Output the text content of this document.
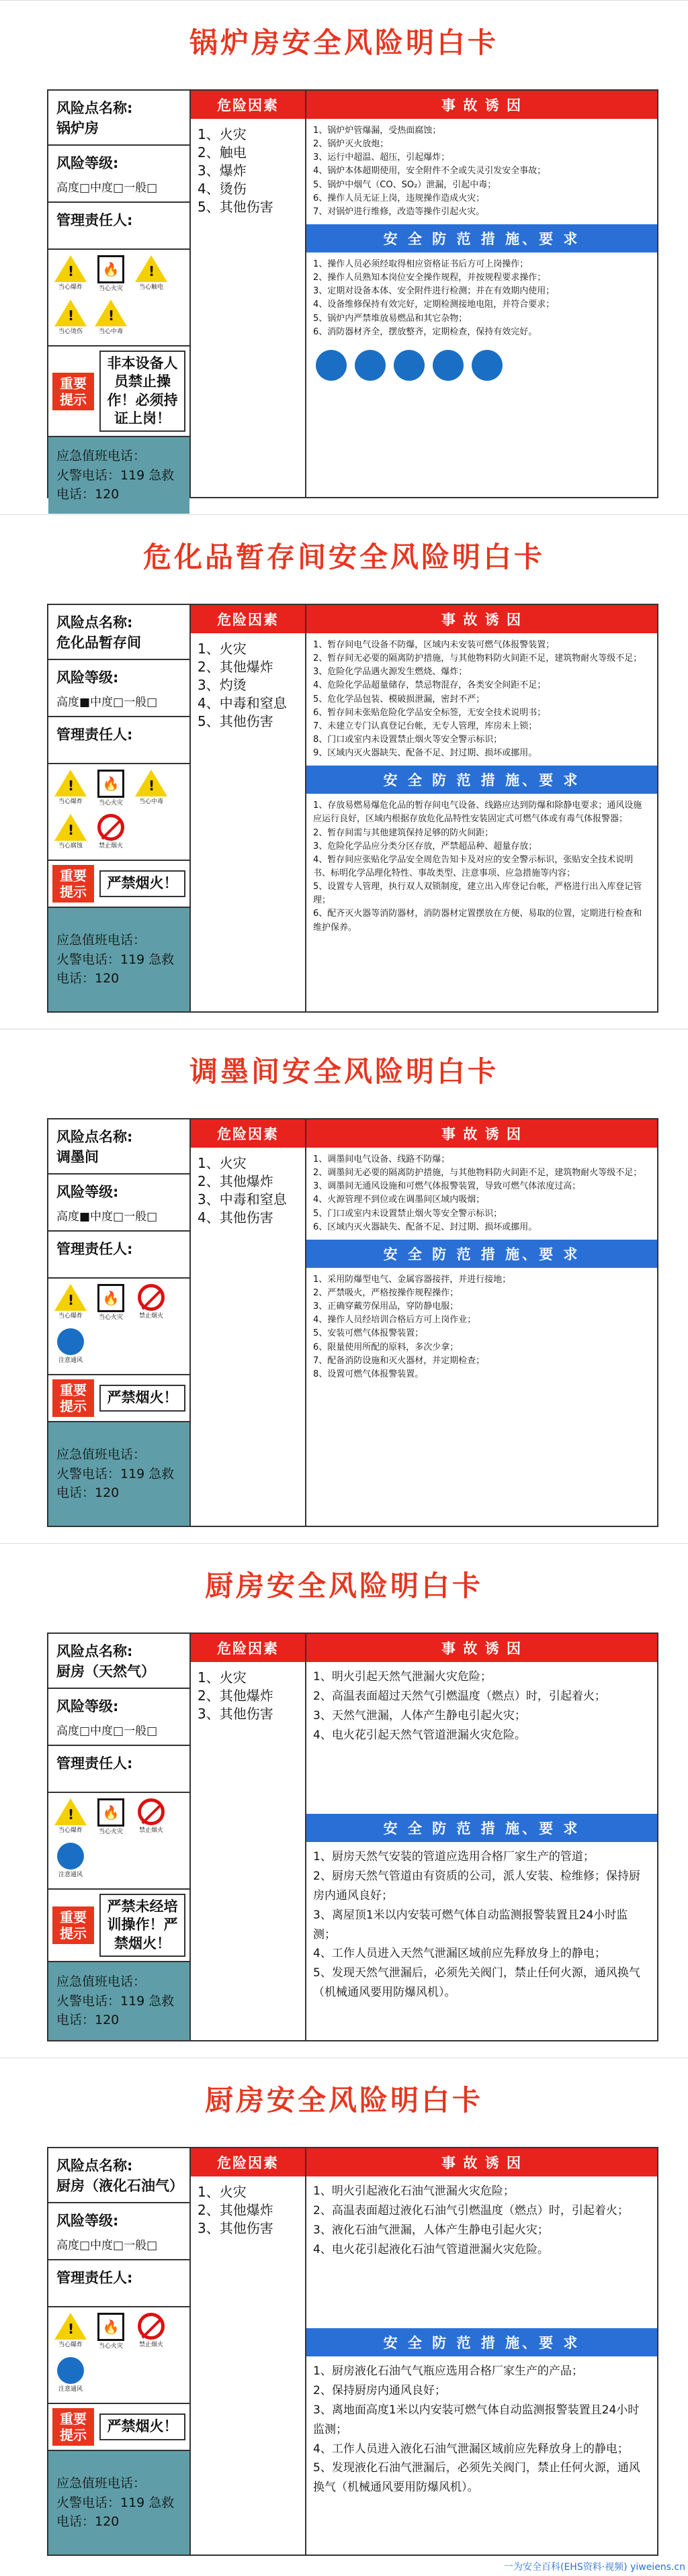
锅炉房安全风险明白卡
风险点名称:
锅炉房
风险等级:
高度□中度□一般□
管理责任人:
!
当心爆炸
🔥
当心火灾
!	当心触电
!
当心烫伤
!	当心中毒
重要提示
非本设备人员禁止操作！必须持证上岗！
应急值班电话：
火警电话：119 急救电话：120
危险因素
1、火灾
2、触电
3、爆炸
4、烫伤
5、其他伤害
事 故 诱 因
1、锅炉炉管爆漏，受热面腐蚀；
2、锅炉灭火放炮；
3、运行中超温、超压，引起爆炸；
4、锅炉本体超期使用，安全附件不全或失灵引发安全事故；
5、锅炉中烟气（CO、SO₂）泄漏，引起中毒；
6、操作人员无证上岗，违规操作造成火灾；
7、对锅炉进行维修，改造等操作引起火灾。
安 全 防 范 措 施、要 求
1、操作人员必须经取得相应资格证书后方可上岗操作；
2、操作人员熟知本岗位安全操作规程，并按规程要求操作；
3、定期对设备本体、安全附件进行检测；并在有效期内使用；
4、设备维修保持有效完好，定期检测接地电阻，并符合要求；
5、锅炉内严禁堆放易燃品和其它杂物；
6、消防器材齐全，摆放整齐，定期检查，保持有效完好。
危化品暂存间安全风险明白卡
风险点名称:
危化品暂存间
风险等级:
高度■中度□一般□
管理责任人:
!
当心爆炸
🔥
当心火灾
!	当心中毒
!
当心腐蚀	禁止烟火
重要提示
严禁烟火！
应急值班电话：
火警电话：119 急救电话：120
危险因素
1、火灾
2、其他爆炸
3、灼烫
4、中毒和窒息
5、其他伤害
事 故 诱 因
1、暂存间电气设备不防爆，区域内未安装可燃气体报警装置；
2、暂存间无必要的隔离防护措施，与其他物料防火间距不足，建筑物耐火等级不足；
3、危险化学品遇火源发生燃烧、爆炸；
4、危险化学品超量储存，禁忌物混存，各类安全间距不足；
5、危化学品包装、模破损泄漏，密封不严；
6、暂存间未张贴危险化学品安全标签，无安全技术说明书；
7、未建立专门认真登记台帐，无专人管理，库房未上锁；
8、门口或室内未设置禁止烟火等安全警示标识；
9、区域内灭火器缺失、配备不足、封过期、损坏或挪用。
安 全 防 范 措 施、要 求
1、存放易燃易爆危化品的暂存间电气设备、线路应达到防爆和除静电要求；通风设施应运行良好，区域内根据存放危化品特性安装固定式可燃气体或有毒气体报警器；
2、暂存间需与其他建筑保持足够的防火间距；
3、危险化学品应分类分区存放，严禁超品种、超量存放；
4、暂存间应张贴化学品安全周危告知卡及对应的安全警示标识，张贴安全技术说明书、标明化学品理化特性、事故类型、注意事项、应急措施等内容；
5、设置专人管理，执行双人双锁制度，建立出入库登记台帐，严格进行出入库登记管理；
6、配齐灭火器等消防器材，消防器材定置摆放在方便、易取的位置，定期进行检查和维护保养。
调墨间安全风险明白卡
风险点名称:
调墨间
风险等级:
高度■中度□一般□
管理责任人:
!
当心爆炸
🔥
当心火灾	禁止烟火
注意通风
重要提示
严禁烟火！
应急值班电话：
火警电话：119 急救电话：120
危险因素
1、火灾
2、其他爆炸
3、中毒和窒息
4、其他伤害
事 故 诱 因
1、调墨间电气设备、线路不防爆；
2、调墨间无必要的隔离防护措施，与其他物料防火间距不足，建筑物耐火等级不足；
3、调墨间无通风设施和可燃气体报警装置，导致可燃气体浓度过高；
4、火源管理不到位或在调墨间区域内吸烟；
5、门口或室内未设置禁止烟火等安全警示标识；
6、区域内灭火器缺失、配备不足、封过期、损坏或挪用。
安 全 防 范 措 施、要 求
1、采用防爆型电气、金属容器接拌，并进行接地；
2、严禁吸火，严格按操作规程操作；
3、正确穿戴劳保用品，穿防静电服；
4、操作人员经培训合格后方可上岗作业；
5、安装可燃气体报警装置；
6、限量使用所配的原料，多次少拿；
7、配备消防设施和灭火器材，并定期检查；
8、设置可燃气体报警装置。
厨房安全风险明白卡
风险点名称:
厨房（天然气）
风险等级:
高度□中度□一般□
管理责任人:
!
当心爆炸
🔥
当心火灾	禁止烟火
注意通风
重要提示
严禁未经培训操作！严禁烟火！
应急值班电话：
火警电话：119 急救电话：120
危险因素
1、火灾
2、其他爆炸
3、其他伤害
事 故 诱 因
1、明火引起天然气泄漏火灾危险；
2、高温表面超过天然气引燃温度（燃点）时，引起着火；
3、天然气泄漏，人体产生静电引起火灾；
4、电火花引起天然气管道泄漏火灾危险。
安 全 防 范 措 施、要 求
1、厨房天然气安装的管道应选用合格厂家生产的管道；
2、厨房天然气管道由有资质的公司，派人安装、检维修；保持厨房内通风良好；
3、离屋顶1米以内安装可燃气体自动监测报警装置且24小时监测；
4、工作人员进入天然气泄漏区域前应先释放身上的静电；
5、发现天然气泄漏后，必须先关阀门，禁止任何火源，通风换气（机械通风要用防爆风机）。
厨房安全风险明白卡
风险点名称:
厨房（液化石油气）
风险等级:
高度□中度□一般□
管理责任人:
!
当心爆炸
🔥
当心火灾	禁止烟火
注意通风
重要提示
严禁烟火！
应急值班电话：
火警电话：119 急救电话：120
危险因素
1、火灾
2、其他爆炸
3、其他伤害
事 故 诱 因
1、明火引起液化石油气泄漏火灾危险；
2、高温表面超过液化石油气引燃温度（燃点）时，引起着火；
3、液化石油气泄漏，人体产生静电引起火灾；
4、电火花引起液化石油气管道泄漏火灾危险。
安 全 防 范 措 施、要 求
1、厨房液化石油气气瓶应选用合格厂家生产的产品；
2、保持厨房内通风良好；
3、离地面高度1米以内安装可燃气体自动监测报警装置且24小时监测；
4、工作人员进入液化石油气泄漏区域前应先释放身上的静电；
5、发现液化石油气泄漏后，必须先关阀门，禁止任何火源，通风换气（机械通风要用防爆风机）。
一为安全百科(EHS资料·视频) yiweiens.cn
